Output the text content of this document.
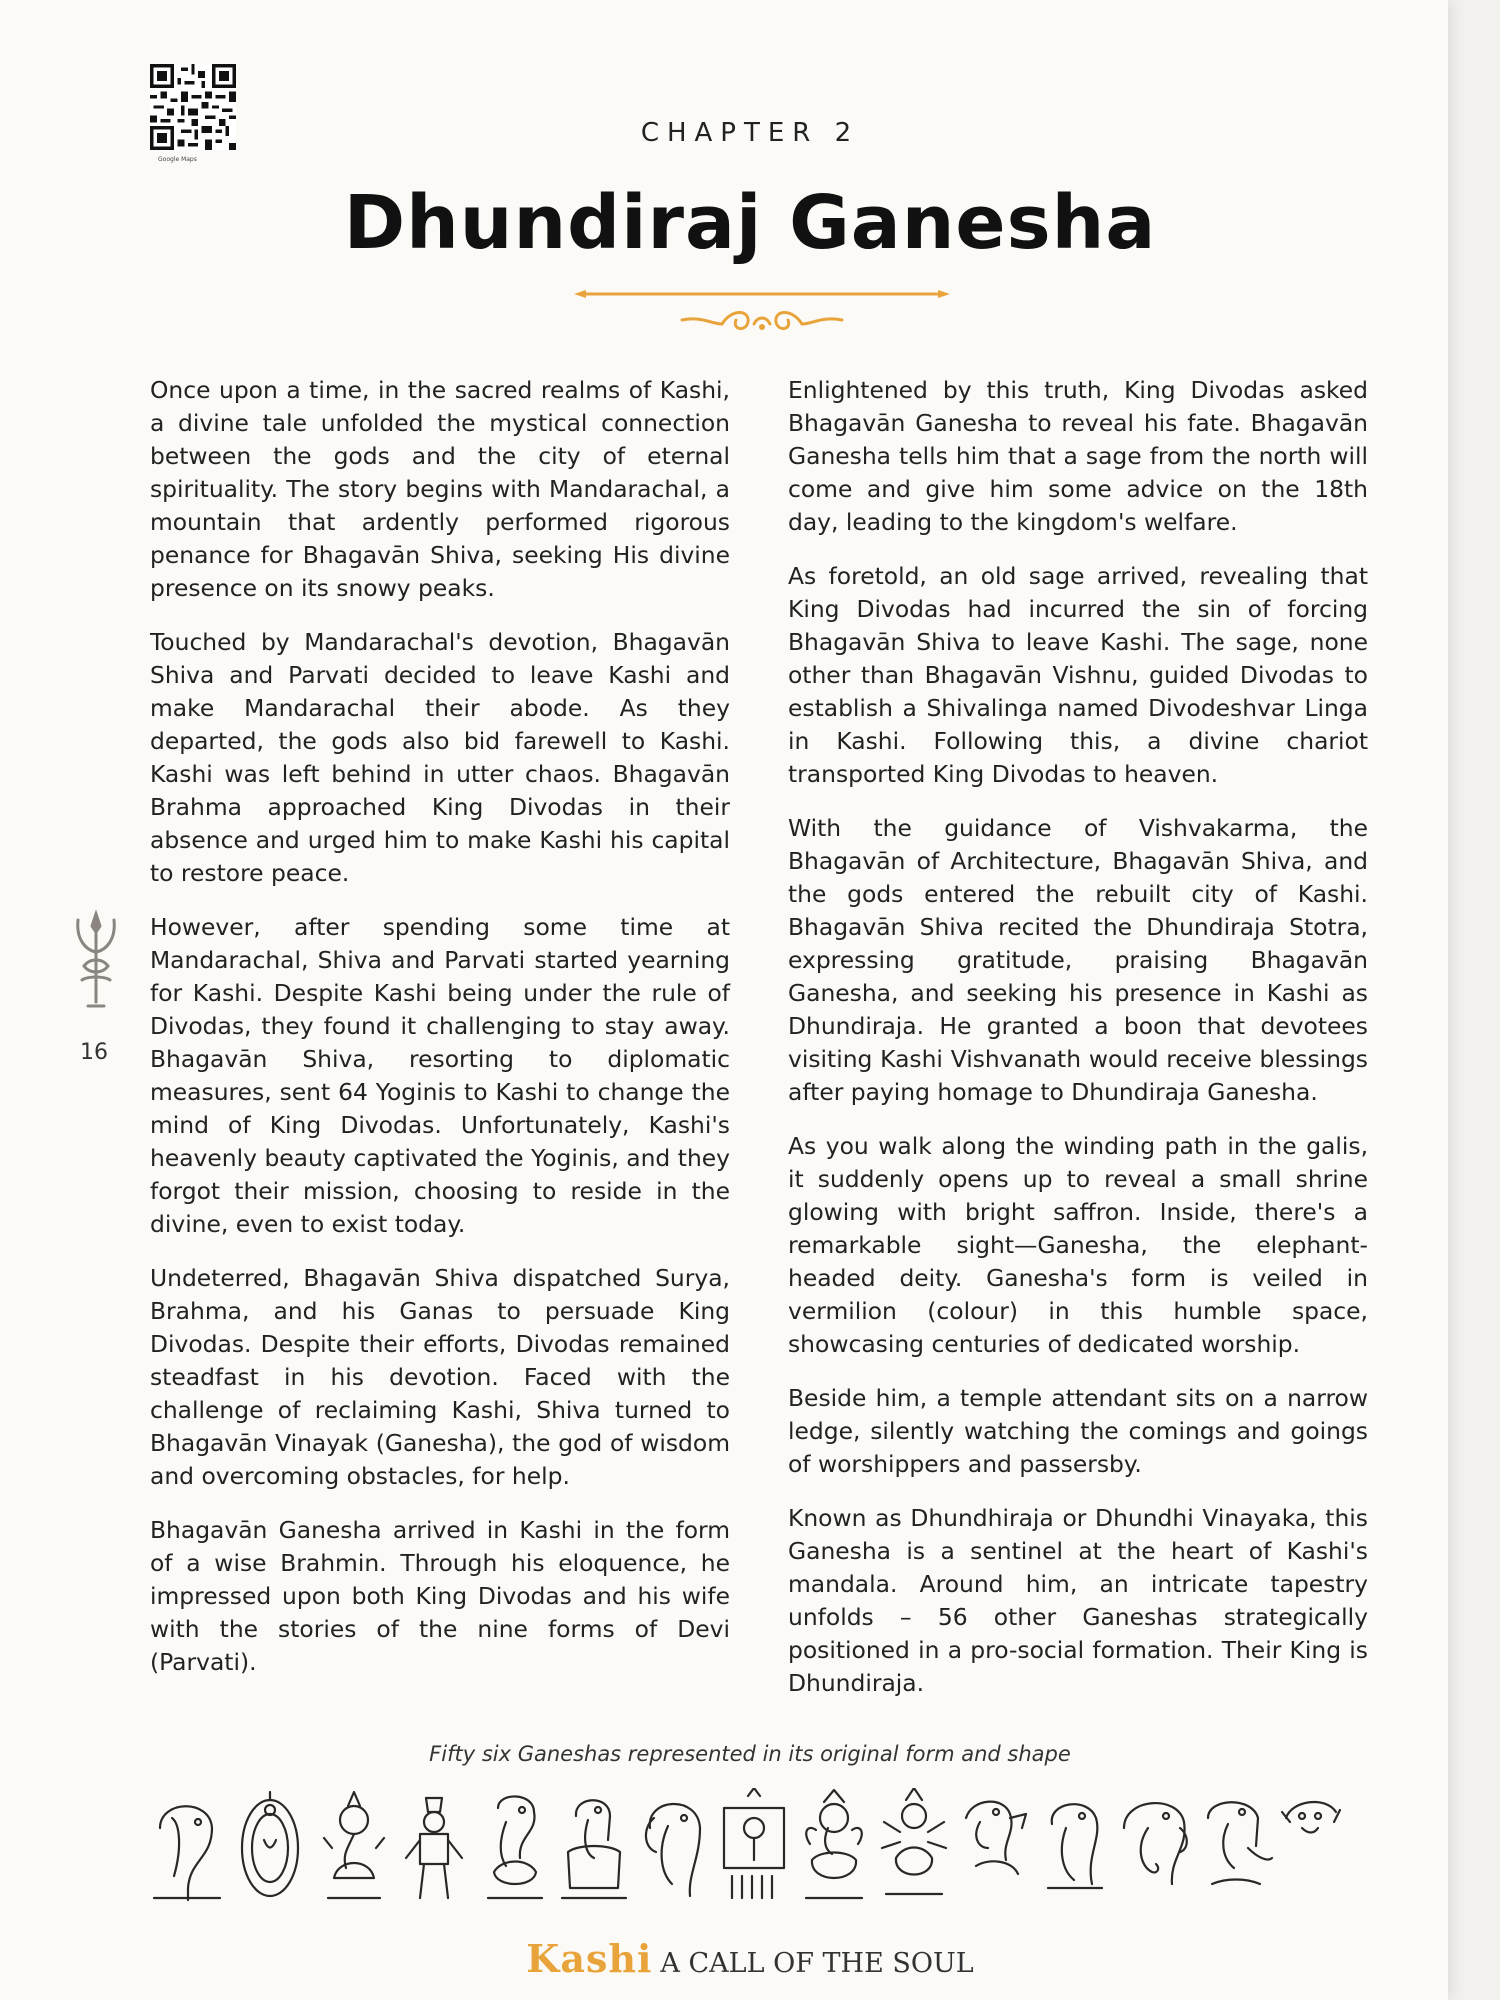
Google Maps
CHAPTER 2
Dhundiraj Ganesha

Once upon a time, in the sacred realms of Kashi, a divine tale unfolded the mystical connection between the gods and the city of eternal spirituality. The story begins with Mandarachal, a mountain that ardently performed rigorous penance for Bhagavān Shiva, seeking His divine presence on its snowy peaks.

Touched by Mandarachal's devotion, Bhagavān Shiva and Parvati decided to leave Kashi and make Mandarachal their abode. As they departed, the gods also bid farewell to Kashi. Kashi was left behind in utter chaos. Bhagavān Brahma approached King Divodas in their absence and urged him to make Kashi his capital to restore peace.

However, after spending some time at Mandarachal, Shiva and Parvati started yearning for Kashi. Despite Kashi being under the rule of Divodas, they found it challenging to stay away. Bhagavān Shiva, resorting to diplomatic measures, sent 64 Yoginis to Kashi to change the mind of King Divodas. Unfortunately, Kashi's heavenly beauty captivated the Yoginis, and they forgot their mission, choosing to reside in the divine, even to exist today.

Undeterred, Bhagavān Shiva dispatched Surya, Brahma, and his Ganas to persuade King Divodas. Despite their efforts, Divodas remained steadfast in his devotion. Faced with the challenge of reclaiming Kashi, Shiva turned to Bhagavān Vinayak (Ganesha), the god of wisdom and overcoming obstacles, for help.

Bhagavān Ganesha arrived in Kashi in the form of a wise Brahmin. Through his eloquence, he impressed upon both King Divodas and his wife with the stories of the nine forms of Devi (Parvati).

Enlightened by this truth, King Divodas asked Bhagavān Ganesha to reveal his fate. Bhagavān Ganesha tells him that a sage from the north will come and give him some advice on the 18th day, leading to the kingdom's welfare.

As foretold, an old sage arrived, revealing that King Divodas had incurred the sin of forcing Bhagavān Shiva to leave Kashi. The sage, none other than Bhagavān Vishnu, guided Divodas to establish a Shivalinga named Divodeshvar Linga in Kashi. Following this, a divine chariot transported King Divodas to heaven.

With the guidance of Vishvakarma, the Bhagavān of Architecture, Bhagavān Shiva, and the gods entered the rebuilt city of Kashi. Bhagavān Shiva recited the Dhundiraja Stotra, expressing gratitude, praising Bhagavān Ganesha, and seeking his presence in Kashi as Dhundiraja. He granted a boon that devotees visiting Kashi Vishvanath would receive blessings after paying homage to Dhundiraja Ganesha.

As you walk along the winding path in the galis, it suddenly opens up to reveal a small shrine glowing with bright saffron. Inside, there's a remarkable sight—Ganesha, the elephant-headed deity. Ganesha's form is veiled in vermilion (colour) in this humble space, showcasing centuries of dedicated worship.

Beside him, a temple attendant sits on a narrow ledge, silently watching the comings and goings of worshippers and passersby.

Known as Dhundhiraja or Dhundhi Vinayaka, this Ganesha is a sentinel at the heart of Kashi's mandala. Around him, an intricate tapestry unfolds – 56 other Ganeshas strategically positioned in a pro-social formation. Their King is Dhundiraja.

16
Fifty six Ganeshas represented in its original form and shape
Kashi A CALL OF THE SOUL
